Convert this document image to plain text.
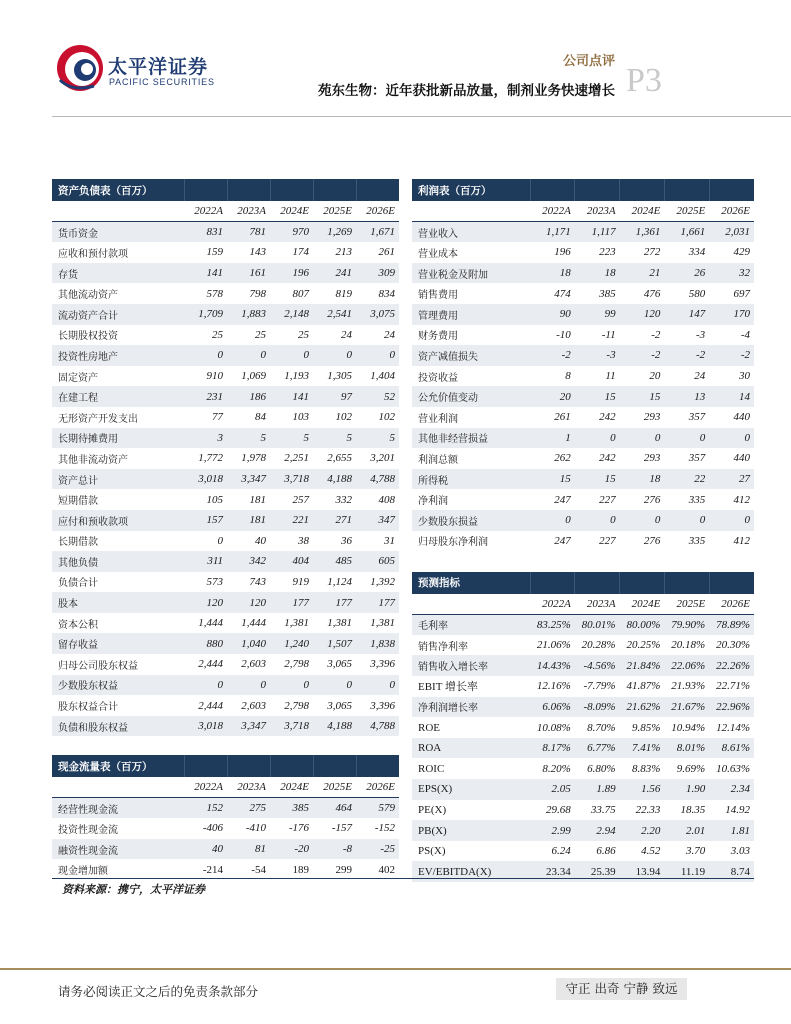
太平洋证券
PACIFIC SECURITIES
公司点评
P3
苑东生物：近年获批新品放量，制剂业务快速增长
资产负债表（百万）					
	2022A	2023A	2024E	2025E	2026E
货币资金	831	781	970	1,269	1,671
应收和预付款项	159	143	174	213	261
存货	141	161	196	241	309
其他流动资产	578	798	807	819	834
流动资产合计	1,709	1,883	2,148	2,541	3,075
长期股权投资	25	25	25	24	24
投资性房地产	0	0	0	0	0
固定资产	910	1,069	1,193	1,305	1,404
在建工程	231	186	141	97	52
无形资产开发支出	77	84	103	102	102
长期待摊费用	3	5	5	5	5
其他非流动资产	1,772	1,978	2,251	2,655	3,201
资产总计	3,018	3,347	3,718	4,188	4,788
短期借款	105	181	257	332	408
应付和预收款项	157	181	221	271	347
长期借款	0	40	38	36	31
其他负债	311	342	404	485	605
负债合计	573	743	919	1,124	1,392
股本	120	120	177	177	177
资本公积	1,444	1,444	1,381	1,381	1,381
留存收益	880	1,040	1,240	1,507	1,838
归母公司股东权益	2,444	2,603	2,798	3,065	3,396
少数股东权益	0	0	0	0	0
股东权益合计	2,444	2,603	2,798	3,065	3,396
负债和股东权益	3,018	3,347	3,718	4,188	4,788
利润表（百万）					
	2022A	2023A	2024E	2025E	2026E
营业收入	1,171	1,117	1,361	1,661	2,031
营业成本	196	223	272	334	429
营业税金及附加	18	18	21	26	32
销售费用	474	385	476	580	697
管理费用	90	99	120	147	170
财务费用	-10	-11	-2	-3	-4
资产减值损失	-2	-3	-2	-2	-2
投资收益	8	11	20	24	30
公允价值变动	20	15	15	13	14
营业利润	261	242	293	357	440
其他非经营损益	1	0	0	0	0
利润总额	262	242	293	357	440
所得税	15	15	18	22	27
净利润	247	227	276	335	412
少数股东损益	0	0	0	0	0
归母股东净利润	247	227	276	335	412

预测指标					
	2022A	2023A	2024E	2025E	2026E
毛利率	83.25%	80.01%	80.00%	79.90%	78.89%
销售净利率	21.06%	20.28%	20.25%	20.18%	20.30%
销售收入增长率	14.43%	-4.56%	21.84%	22.06%	22.26%
EBIT 增长率	12.16%	-7.79%	41.87%	21.93%	22.71%
净利润增长率	6.06%	-8.09%	21.62%	21.67%	22.96%
ROE	10.08%	8.70%	9.85%	10.94%	12.14%
ROA	8.17%	6.77%	7.41%	8.01%	8.61%
ROIC	8.20%	6.80%	8.83%	9.69%	10.63%
EPS(X)	2.05	1.89	1.56	1.90	2.34
PE(X)	29.68	33.75	22.33	18.35	14.92
PB(X)	2.99	2.94	2.20	2.01	1.81
PS(X)	6.24	6.86	4.52	3.70	3.03
EV/EBITDA(X)	23.34	25.39	13.94	11.19	8.74
现金流量表（百万）					
	2022A	2023A	2024E	2025E	2026E
经营性现金流	152	275	385	464	579
投资性现金流	-406	-410	-176	-157	-152
融资性现金流	40	81	-20	-8	-25
现金增加额	-214	-54	189	299	402
资料来源：携宁，太平洋证券
请务必阅读正文之后的免责条款部分	守正 出奇 宁静 致远
